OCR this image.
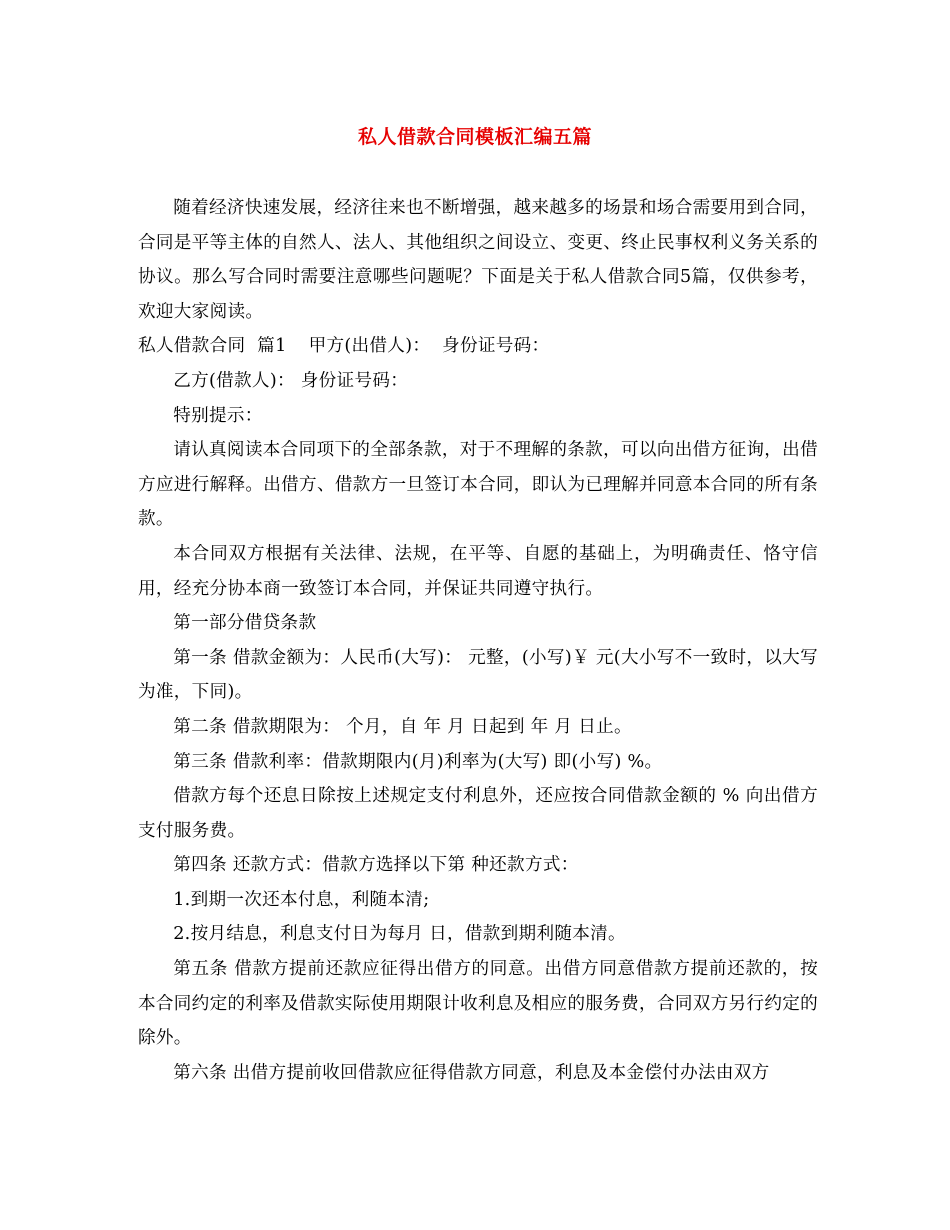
私人借款合同模板汇编五篇

随着经济快速发展，经济往来也不断增强，越来越多的场景和场合需要用到合同，合同是平等主体的自然人、法人、其他组织之间设立、变更、终止民事权利义务关系的协议。那么写合同时需要注意哪些问题呢？下面是关于私人借款合同5篇，仅供参考，欢迎大家阅读。

私人借款合同 篇1 甲方(出借人)： 身份证号码：

乙方(借款人)： 身份证号码：

特别提示：

请认真阅读本合同项下的全部条款，对于不理解的条款，可以向出借方征询，出借方应进行解释。出借方、借款方一旦签订本合同，即认为已理解并同意本合同的所有条款。

本合同双方根据有关法律、法规，在平等、自愿的基础上，为明确责任、恪守信用，经充分协本商一致签订本合同，并保证共同遵守执行。

第一部分借贷条款

第一条 借款金额为：人民币(大写)： 元整，(小写)￥ 元(大小写不一致时，以大写为准，下同)。

第二条 借款期限为： 个月，自 年 月 日起到 年 月 日止。

第三条 借款利率：借款期限内(月)利率为(大写) 即(小写) %。

借款方每个还息日除按上述规定支付利息外，还应按合同借款金额的 % 向出借方支付服务费。

第四条 还款方式：借款方选择以下第 种还款方式：

1.到期一次还本付息，利随本清;

2.按月结息，利息支付日为每月 日，借款到期利随本清。

第五条 借款方提前还款应征得出借方的同意。出借方同意借款方提前还款的，按本合同约定的利率及借款实际使用期限计收利息及相应的服务费，合同双方另行约定的除外。

第六条 出借方提前收回借款应征得借款方同意，利息及本金偿付办法由双方
